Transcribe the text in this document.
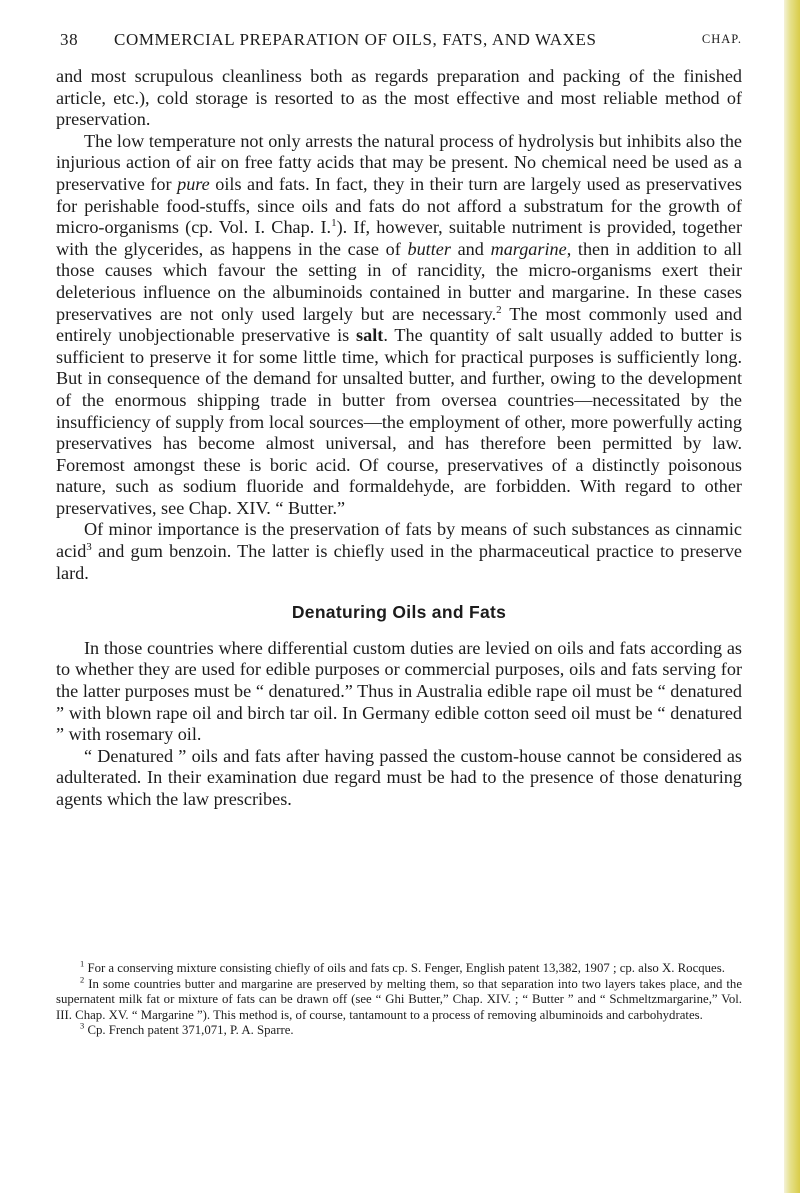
38 COMMERCIAL PREPARATION OF OILS, FATS, AND WAXES	CHAP.

and most scrupulous cleanliness both as regards preparation and packing of the finished article, etc.), cold storage is resorted to as the most effective and most reliable method of preservation.

The low temperature not only arrests the natural process of hydrolysis but inhibits also the injurious action of air on free fatty acids that may be present. No chemical need be used as a preservative for pure oils and fats. In fact, they in their turn are largely used as preservatives for perishable food-stuffs, since oils and fats do not afford a substratum for the growth of micro-organisms (cp. Vol. I. Chap. I.$^1$). If, however, suitable nutriment is provided, together with the glycerides, as happens in the case of butter and margarine, then in addition to all those causes which favour the setting in of rancidity, the micro-organisms exert their deleterious influence on the albuminoids contained in butter and margarine. In these cases preservatives are not only used largely but are necessary.$^2$ The most commonly used and entirely unobjectionable preservative is salt. The quantity of salt usually added to butter is sufficient to preserve it for some little time, which for practical purposes is sufficiently long. But in consequence of the demand for unsalted butter, and further, owing to the development of the enormous shipping trade in butter from oversea countries—necessitated by the insufficiency of supply from local sources—the employment of other, more powerfully acting preservatives has become almost universal, and has therefore been permitted by law. Foremost amongst these is boric acid. Of course, preservatives of a distinctly poisonous nature, such as sodium fluoride and formaldehyde, are forbidden. With regard to other preservatives, see Chap. XIV. “ Butter.”

Of minor importance is the preservation of fats by means of such substances as cinnamic acid$^3$ and gum benzoin. The latter is chiefly used in the pharmaceutical practice to preserve lard.

Denaturing Oils and Fats

In those countries where differential custom duties are levied on oils and fats according as to whether they are used for edible purposes or commercial purposes, oils and fats serving for the latter purposes must be “ denatured.” Thus in Australia edible rape oil must be “ denatured ” with blown rape oil and birch tar oil. In Germany edible cotton seed oil must be “ denatured ” with rosemary oil.

“ Denatured ” oils and fats after having passed the custom-house cannot be considered as adulterated. In their examination due regard must be had to the presence of those denaturing agents which the law prescribes.

$^1$ For a conserving mixture consisting chiefly of oils and fats cp. S. Fenger, English patent 13,382, 1907 ; cp. also X. Rocques.

$^2$ In some countries butter and margarine are preserved by melting them, so that separation into two layers takes place, and the supernatent milk fat or mixture of fats can be drawn off (see “ Ghi Butter,” Chap. XIV. ; “ Butter ” and “ Schmeltzmargarine,” Vol. III. Chap. XV. “ Margarine ”). This method is, of course, tantamount to a process of removing albuminoids and carbohydrates.

$^3$ Cp. French patent 371,071, P. A. Sparre.
